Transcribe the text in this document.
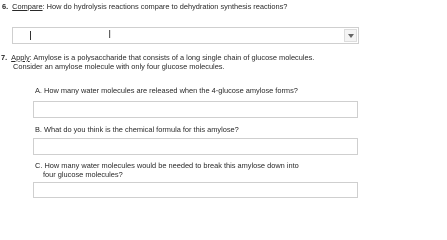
6. Compare: How do hydrolysis reactions compare to dehydration synthesis reactions?
Ι
7. Apply: Amylose is a polysaccharide that consists of a long single chain of glucose molecules.
Consider an amylose molecule with only four glucose molecules.
A. How many water molecules are released when the 4-glucose amylose forms?
B. What do you think is the chemical formula for this amylose?
C. How many water molecules would be needed to break this amylose down into
four glucose molecules?
